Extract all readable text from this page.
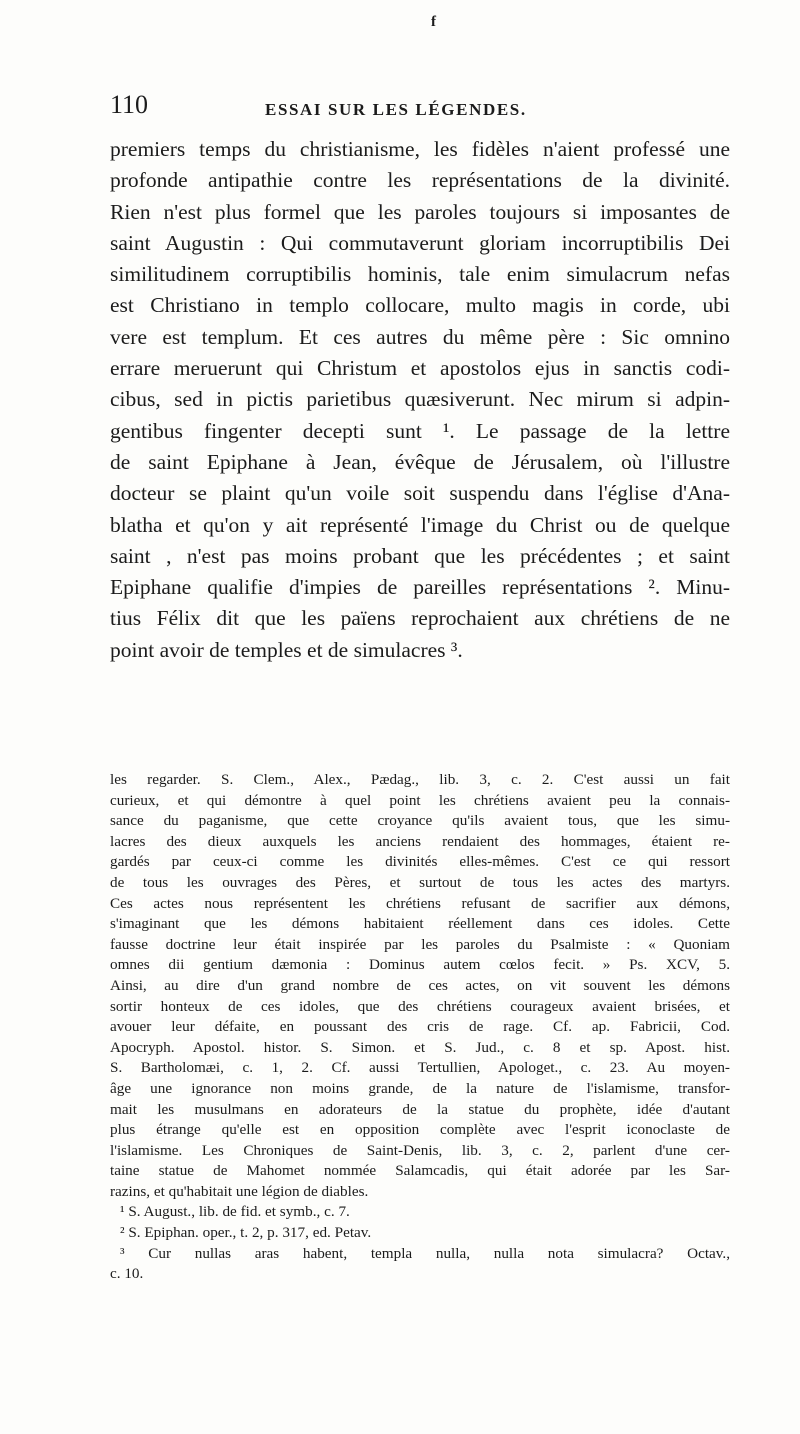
f
110	ESSAI SUR LES LÉGENDES.
premiers temps du christianisme, les fidèles n'aient professé une
profonde antipathie contre les représentations de la divinité.
Rien n'est plus formel que les paroles toujours si imposantes de
saint Augustin : Qui commutaverunt gloriam incorruptibilis Dei
similitudinem corruptibilis hominis, tale enim simulacrum nefas
est Christiano in templo collocare, multo magis in corde, ubi
vere est templum. Et ces autres du même père : Sic omnino
errare meruerunt qui Christum et apostolos ejus in sanctis codi-
cibus, sed in pictis parietibus quæsiverunt. Nec mirum si adpin-
gentibus fingenter decepti sunt ¹. Le passage de la lettre
de saint Epiphane à Jean, évêque de Jérusalem, où l'illustre
docteur se plaint qu'un voile soit suspendu dans l'église d'Ana-
blatha et qu'on y ait représenté l'image du Christ ou de quelque
saint , n'est pas moins probant que les précédentes ; et saint
Epiphane qualifie d'impies de pareilles représentations ². Minu-
tius Félix dit que les païens reprochaient aux chrétiens de ne
point avoir de temples et de simulacres ³.
les regarder. S. Clem., Alex., Pædag., lib. 3, c. 2. C'est aussi un fait
curieux, et qui démontre à quel point les chrétiens avaient peu la connais-
sance du paganisme, que cette croyance qu'ils avaient tous, que les simu-
lacres des dieux auxquels les anciens rendaient des hommages, étaient re-
gardés par ceux-ci comme les divinités elles-mêmes. C'est ce qui ressort
de tous les ouvrages des Pères, et surtout de tous les actes des martyrs.
Ces actes nous représentent les chrétiens refusant de sacrifier aux démons,
s'imaginant que les démons habitaient réellement dans ces idoles. Cette
fausse doctrine leur était inspirée par les paroles du Psalmiste : « Quoniam
omnes dii gentium dæmonia : Dominus autem cœlos fecit. » Ps. XCV, 5.
Ainsi, au dire d'un grand nombre de ces actes, on vit souvent les démons
sortir honteux de ces idoles, que des chrétiens courageux avaient brisées, et
avouer leur défaite, en poussant des cris de rage. Cf. ap. Fabricii, Cod.
Apocryph. Apostol. histor. S. Simon. et S. Jud., c. 8 et sp. Apost. hist.
S. Bartholomæi, c. 1, 2. Cf. aussi Tertullien, Apologet., c. 23. Au moyen-
âge une ignorance non moins grande, de la nature de l'islamisme, transfor-
mait les musulmans en adorateurs de la statue du prophète, idée d'autant
plus étrange qu'elle est en opposition complète avec l'esprit iconoclaste de
l'islamisme. Les Chroniques de Saint-Denis, lib. 3, c. 2, parlent d'une cer-
taine statue de Mahomet nommée Salamcadis, qui était adorée par les Sar-
razins, et qu'habitait une légion de diables.
¹ S. August., lib. de fid. et symb., c. 7.
² S. Epiphan. oper., t. 2, p. 317, ed. Petav.
³ Cur nullas aras habent, templa nulla, nulla nota simulacra? Octav.,
c. 10.
